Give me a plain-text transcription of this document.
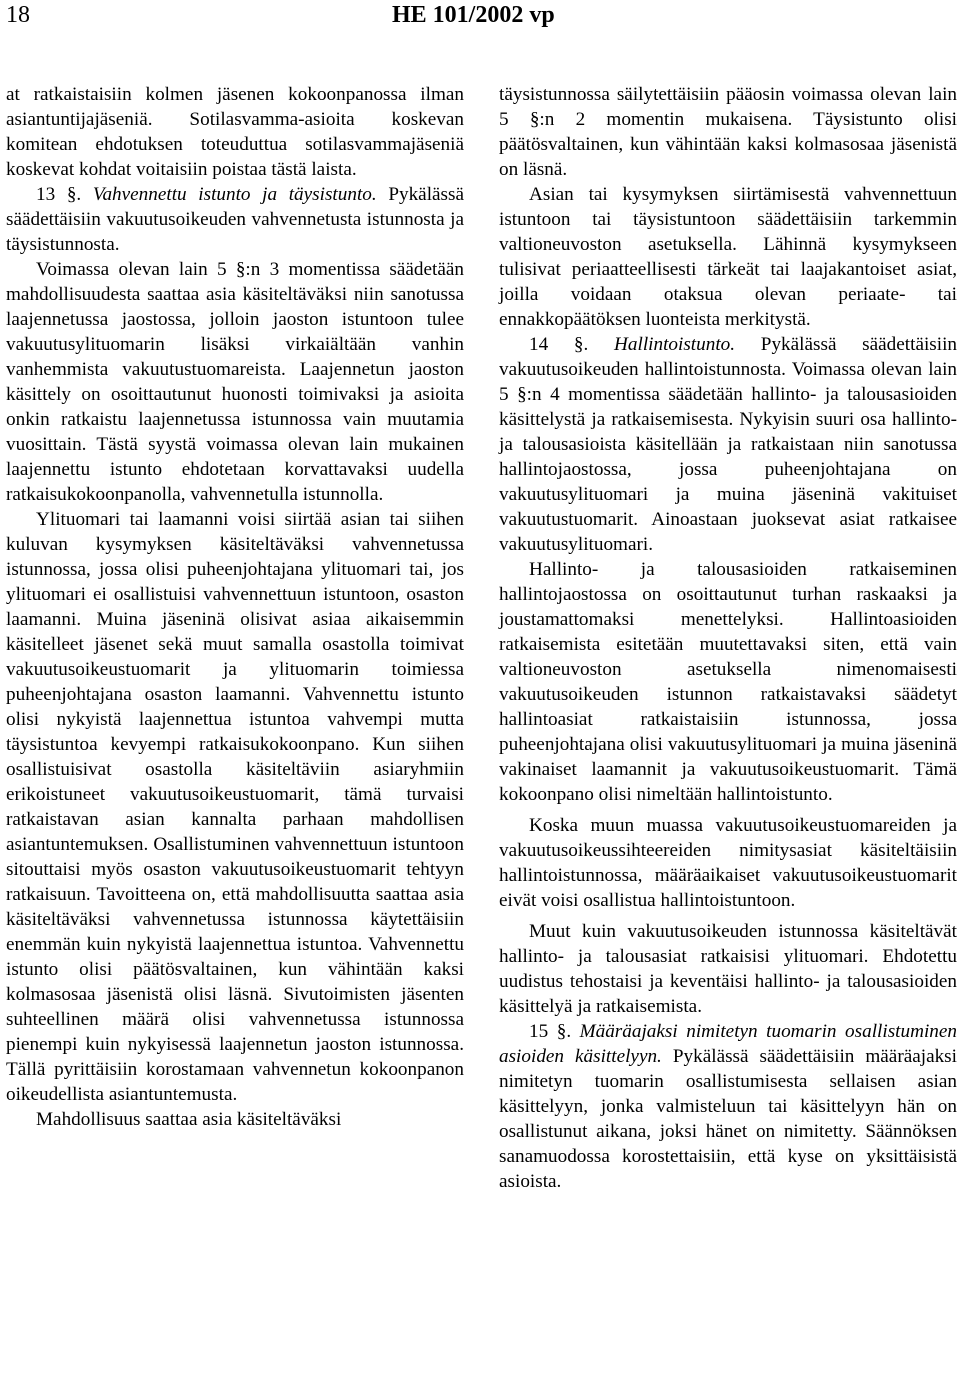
18	HE 101/2002 vp

at ratkaistaisiin kolmen jäsenen kokoonpanossa ilman asiantuntijajäseniä. Sotilasvamma-asioita koskevan komitean ehdotuksen toteuduttua sotilasvammajäseniä koskevat kohdat voitaisiin poistaa tästä laista.

13 §. Vahvennettu istunto ja täysistunto. Pykälässä säädettäisiin vakuutusoikeuden vahvennetusta istunnosta ja täysistunnosta.

Voimassa olevan lain 5 §:n 3 momentissa säädetään mahdollisuudesta saattaa asia käsiteltäväksi niin sanotussa laajennetussa jaostossa, jolloin jaoston istuntoon tulee vakuutusylituomarin lisäksi virkaiältään vanhin vanhemmista vakuutustuomareista. Laajennetun jaoston käsittely on osoittautunut huonosti toimivaksi ja asioita onkin ratkaistu laajennetussa istunnossa vain muutamia vuosittain. Tästä syystä voimassa olevan lain mukainen laajennettu istunto ehdotetaan korvattavaksi uudella ratkaisukokoonpanolla, vahvennetulla istunnolla.

Ylituomari tai laamanni voisi siirtää asian tai siihen kuluvan kysymyksen käsiteltäväksi vahvennetussa istunnossa, jossa olisi puheenjohtajana ylituomari tai, jos ylituomari ei osallistuisi vahvennettuun istuntoon, osaston laamanni. Muina jäseninä olisivat asiaa aikaisemmin käsitelleet jäsenet sekä muut samalla osastolla toimivat vakuutusoikeustuomarit ja ylituomarin toimiessa puheenjohtajana osaston laamanni. Vahvennettu istunto olisi nykyistä laajennettua istuntoa vahvempi mutta täysistuntoa kevyempi ratkaisukokoonpano. Kun siihen osallistuisivat osastolla käsiteltäviin asiaryhmiin erikoistuneet vakuutusoikeustuomarit, tämä turvaisi ratkaistavan asian kannalta parhaan mahdollisen asiantuntemuksen. Osallistuminen vahvennettuun istuntoon sitouttaisi myös osaston vakuutusoikeustuomarit tehtyyn ratkaisuun. Tavoitteena on, että mahdollisuutta saattaa asia käsiteltäväksi vahvennetussa istunnossa käytettäisiin enemmän kuin nykyistä laajennettua istuntoa. Vahvennettu istunto olisi päätösvaltainen, kun vähintään kaksi kolmasosaa jäsenistä olisi läsnä. Sivutoimisten jäsenten suhteellinen määrä olisi vahvennetussa istunnossa pienempi kuin nykyisessä laajennetun jaoston istunnossa. Tällä pyrittäisiin korostamaan vahvennetun kokoonpanon oikeudellista asiantuntemusta.

Mahdollisuus saattaa asia käsiteltäväksi

täysistunnossa säilytettäisiin pääosin voimassa olevan lain 5 §:n 2 momentin mukaisena. Täysistunto olisi päätösvaltainen, kun vähintään kaksi kolmasosaa jäsenistä on läsnä.

Asian tai kysymyksen siirtämisestä vahvennettuun istuntoon tai täysistuntoon säädettäisiin tarkemmin valtioneuvoston asetuksella. Lähinnä kysymykseen tulisivat periaatteellisesti tärkeät tai laajakantoiset asiat, joilla voidaan otaksua olevan periaate- tai ennakkopäätöksen luonteista merkitystä.

14 §. Hallintoistunto. Pykälässä säädettäisiin vakuutusoikeuden hallintoistunnosta. Voimassa olevan lain 5 §:n 4 momentissa säädetään hallinto- ja talousasioiden käsittelystä ja ratkaisemisesta. Nykyisin suuri osa hallinto- ja talousasioista käsitellään ja ratkaistaan niin sanotussa hallintojaostossa, jossa puheenjohtajana on vakuutusylituomari ja muina jäseninä vakituiset vakuutustuomarit. Ainoastaan juoksevat asiat ratkaisee vakuutusylituomari.

Hallinto- ja talousasioiden ratkaiseminen hallintojaostossa on osoittautunut turhan raskaaksi ja joustamattomaksi menettelyksi. Hallintoasioiden ratkaisemista esitetään muutettavaksi siten, että vain valtioneuvoston asetuksella nimenomaisesti vakuutusoikeuden istunnon ratkaistavaksi säädetyt hallintoasiat ratkaistaisiin istunnossa, jossa puheenjohtajana olisi vakuutusylituomari ja muina jäseninä vakinaiset laamannit ja vakuutusoikeustuomarit. Tämä kokoonpano olisi nimeltään hallintoistunto.

Koska muun muassa vakuutusoikeustuomareiden ja vakuutusoikeussihteereiden nimitysasiat käsiteltäisiin hallintoistunnossa, määräaikaiset vakuutusoikeustuomarit eivät voisi osallistua hallintoistuntoon.

Muut kuin vakuutusoikeuden istunnossa käsiteltävät hallinto- ja talousasiat ratkaisisi ylituomari. Ehdotettu uudistus tehostaisi ja keventäisi hallinto- ja talousasioiden käsittelyä ja ratkaisemista.

15 §. Määräajaksi nimitetyn tuomarin osallistuminen asioiden käsittelyyn. Pykälässä säädettäisiin määräajaksi nimitetyn tuomarin osallistumisesta sellaisen asian käsittelyyn, jonka valmisteluun tai käsittelyyn hän on osallistunut aikana, joksi hänet on nimitetty. Säännöksen sanamuodossa korostettaisiin, että kyse on yksittäisistä asioista.
